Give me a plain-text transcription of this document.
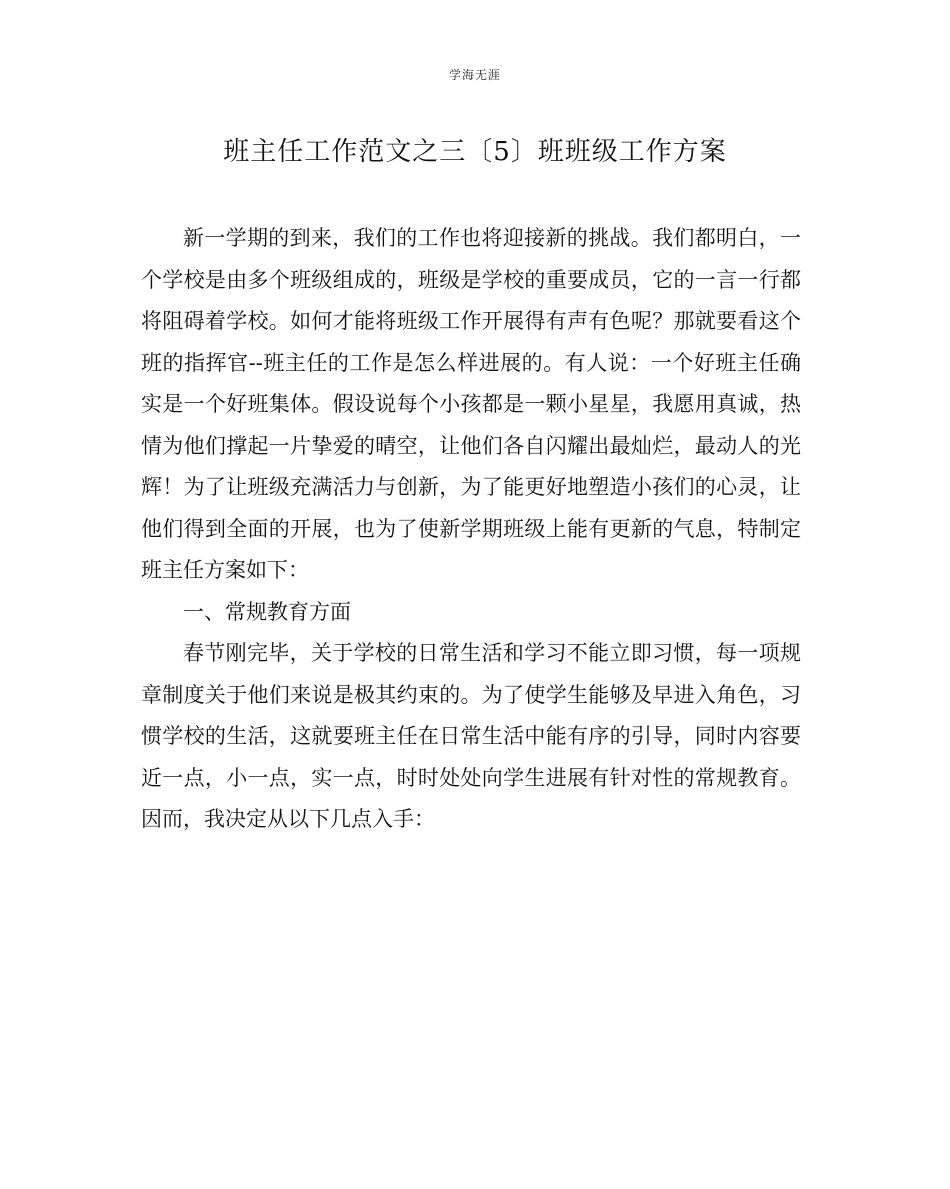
学海无涯
班主任工作范文之三〔5〕班班级工作方案

新一学期的到来，我们的工作也将迎接新的挑战。我们都明白，一个学校是由多个班级组成的，班级是学校的重要成员，它的一言一行都将阻碍着学校。如何才能将班级工作开展得有声有色呢？那就要看这个班的指挥官--班主任的工作是怎么样进展的。有人说：一个好班主任确实是一个好班集体。假设说每个小孩都是一颗小星星，我愿用真诚，热情为他们撑起一片挚爱的晴空，让他们各自闪耀出最灿烂，最动人的光辉！为了让班级充满活力与创新，为了能更好地塑造小孩们的心灵，让他们得到全面的开展，也为了使新学期班级上能有更新的气息，特制定班主任方案如下：

一、常规教育方面

春节刚完毕，关于学校的日常生活和学习不能立即习惯，每一项规章制度关于他们来说是极其约束的。为了使学生能够及早进入角色，习惯学校的生活，这就要班主任在日常生活中能有序的引导，同时内容要近一点，小一点，实一点，时时处处向学生进展有针对性的常规教育。因而，我决定从以下几点入手：
